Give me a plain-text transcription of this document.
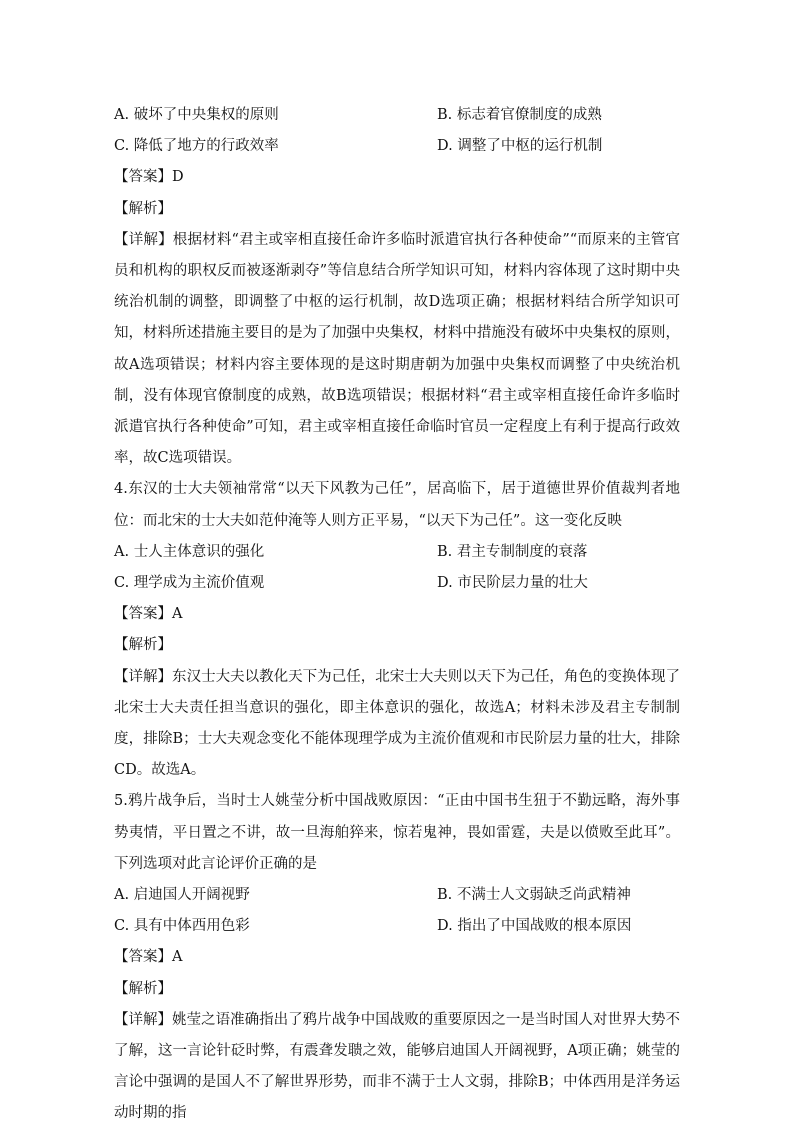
A. 破坏了中央集权的原则	B. 标志着官僚制度的成熟
C. 降低了地方的行政效率	D. 调整了中枢的运行机制
【答案】D
【解析】
【详解】根据材料“君主或宰相直接任命许多临时派遣官执行各种使命”“而原来的主管官员和机构的职权反而被逐渐剥夺”等信息结合所学知识可知，材料内容体现了这时期中央统治机制的调整，即调整了中枢的运行机制，故D选项正确；根据材料结合所学知识可知，材料所述措施主要目的是为了加强中央集权，材料中措施没有破坏中央集权的原则，故A选项错误；材料内容主要体现的是这时期唐朝为加强中央集权而调整了中央统治机制，没有体现官僚制度的成熟，故B选项错误；根据材料“君主或宰相直接任命许多临时派遣官执行各种使命”可知，君主或宰相直接任命临时官员一定程度上有利于提高行政效率，故C选项错误。
4.东汉的士大夫领袖常常“以天下风教为己任”，居高临下，居于道德世界价值裁判者地位：而北宋的士大夫如范仲淹等人则方正平易，“以天下为己任”。这一变化反映
A. 士人主体意识的强化	B. 君主专制制度的衰落
C. 理学成为主流价值观	D. 市民阶层力量的壮大
【答案】A
【解析】
【详解】东汉士大夫以教化天下为己任，北宋士大夫则以天下为己任，角色的变换体现了北宋士大夫责任担当意识的强化，即主体意识的强化，故选A；材料未涉及君主专制制度，排除B；士大夫观念变化不能体现理学成为主流价值观和市民阶层力量的壮大，排除CD。故选A。
5.鸦片战争后，当时士人姚莹分析中国战败原因：“正由中国书生狃于不勤远略，海外事势夷情，平日置之不讲，故一旦海舶猝来，惊若鬼神，畏如雷霆，夫是以偾败至此耳”。下列选项对此言论评价正确的是
A. 启迪国人开阔视野	B. 不满士人文弱缺乏尚武精神
C. 具有中体西用色彩	D. 指出了中国战败的根本原因
【答案】A
【解析】
【详解】姚莹之语准确指出了鸦片战争中国战败的重要原因之一是当时国人对世界大势不了解，这一言论针砭时弊，有震聋发聩之效，能够启迪国人开阔视野，A项正确；姚莹的言论中强调的是国人不了解世界形势，而非不满于士人文弱，排除B；中体西用是洋务运动时期的指
